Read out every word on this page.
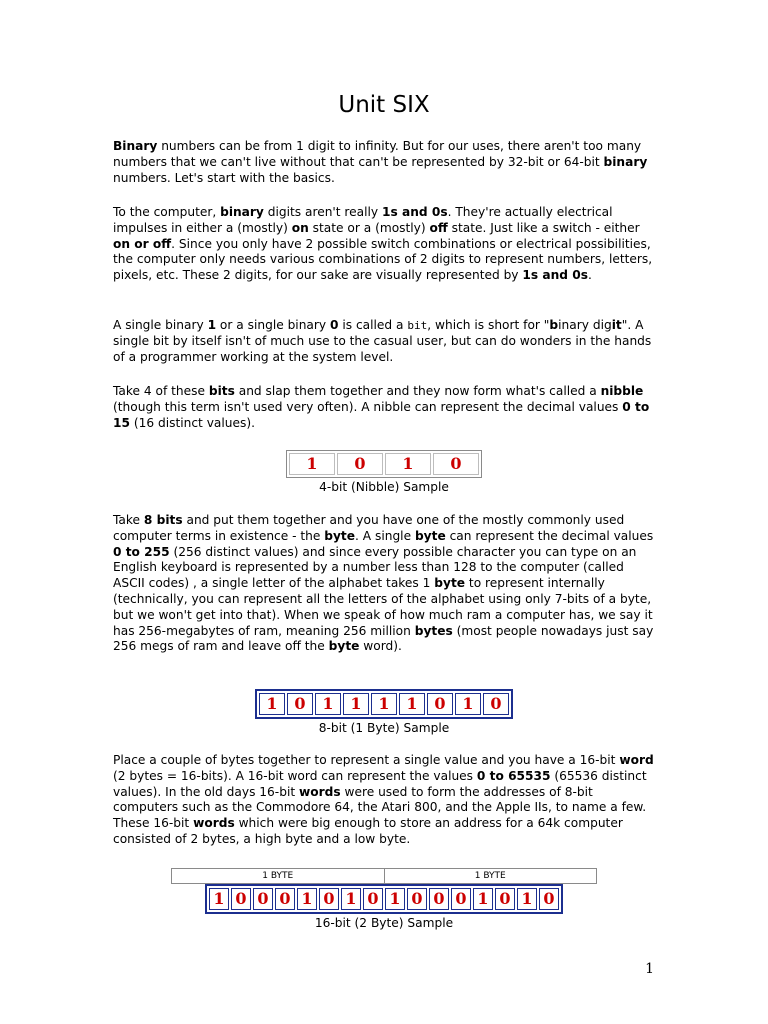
Unit SIX

Binary numbers can be from 1 digit to infinity. But for our uses, there aren't too many numbers that we can't live without that can't be represented by 32-bit or 64-bit binary numbers. Let's start with the basics.

To the computer, binary digits aren't really 1s and 0s. They're actually electrical impulses in either a (mostly) on state or a (mostly) off state. Just like a switch - either on or off. Since you only have 2 possible switch combinations or electrical possibilities, the computer only needs various combinations of 2 digits to represent numbers, letters, pixels, etc. These 2 digits, for our sake are visually represented by 1s and 0s.

A single binary 1 or a single binary 0 is called a bit, which is short for "binary digit". A single bit by itself isn't of much use to the casual user, but can do wonders in the hands of a programmer working at the system level.

Take 4 of these bits and slap them together and they now form what's called a nibble (though this term isn't used very often). A nibble can represent the decimal values 0 to 15 (16 distinct values).

1	0	1	0
4-bit (Nibble) Sample

Take 8 bits and put them together and you have one of the mostly commonly used computer terms in existence - the byte. A single byte can represent the decimal values 0 to 255 (256 distinct values) and since every possible character you can type on an English keyboard is represented by a number less than 128 to the computer (called ASCII codes) , a single letter of the alphabet takes 1 byte to represent internally (technically, you can represent all the letters of the alphabet using only 7-bits of a byte, but we won't get into that). When we speak of how much ram a computer has, we say it has 256-megabytes of ram, meaning 256 million bytes (most people nowadays just say 256 megs of ram and leave off the byte word).

1	0	1	1	1	1	0	1	0
8-bit (1 Byte) Sample

Place a couple of bytes together to represent a single value and you have a 16-bit word (2 bytes = 16-bits). A 16-bit word can represent the values 0 to 65535 (65536 distinct values). In the old days 16-bit words were used to form the addresses of 8-bit computers such as the Commodore 64, the Atari 800, and the Apple IIs, to name a few. These 16-bit words which were big enough to store an address for a 64k computer consisted of 2 bytes, a high byte and a low byte.

1 BYTE	1 BYTE
1 0 0 0 1 0 1 0 1 0 0 0 1 0 1 0
16-bit (2 Byte) Sample
1
